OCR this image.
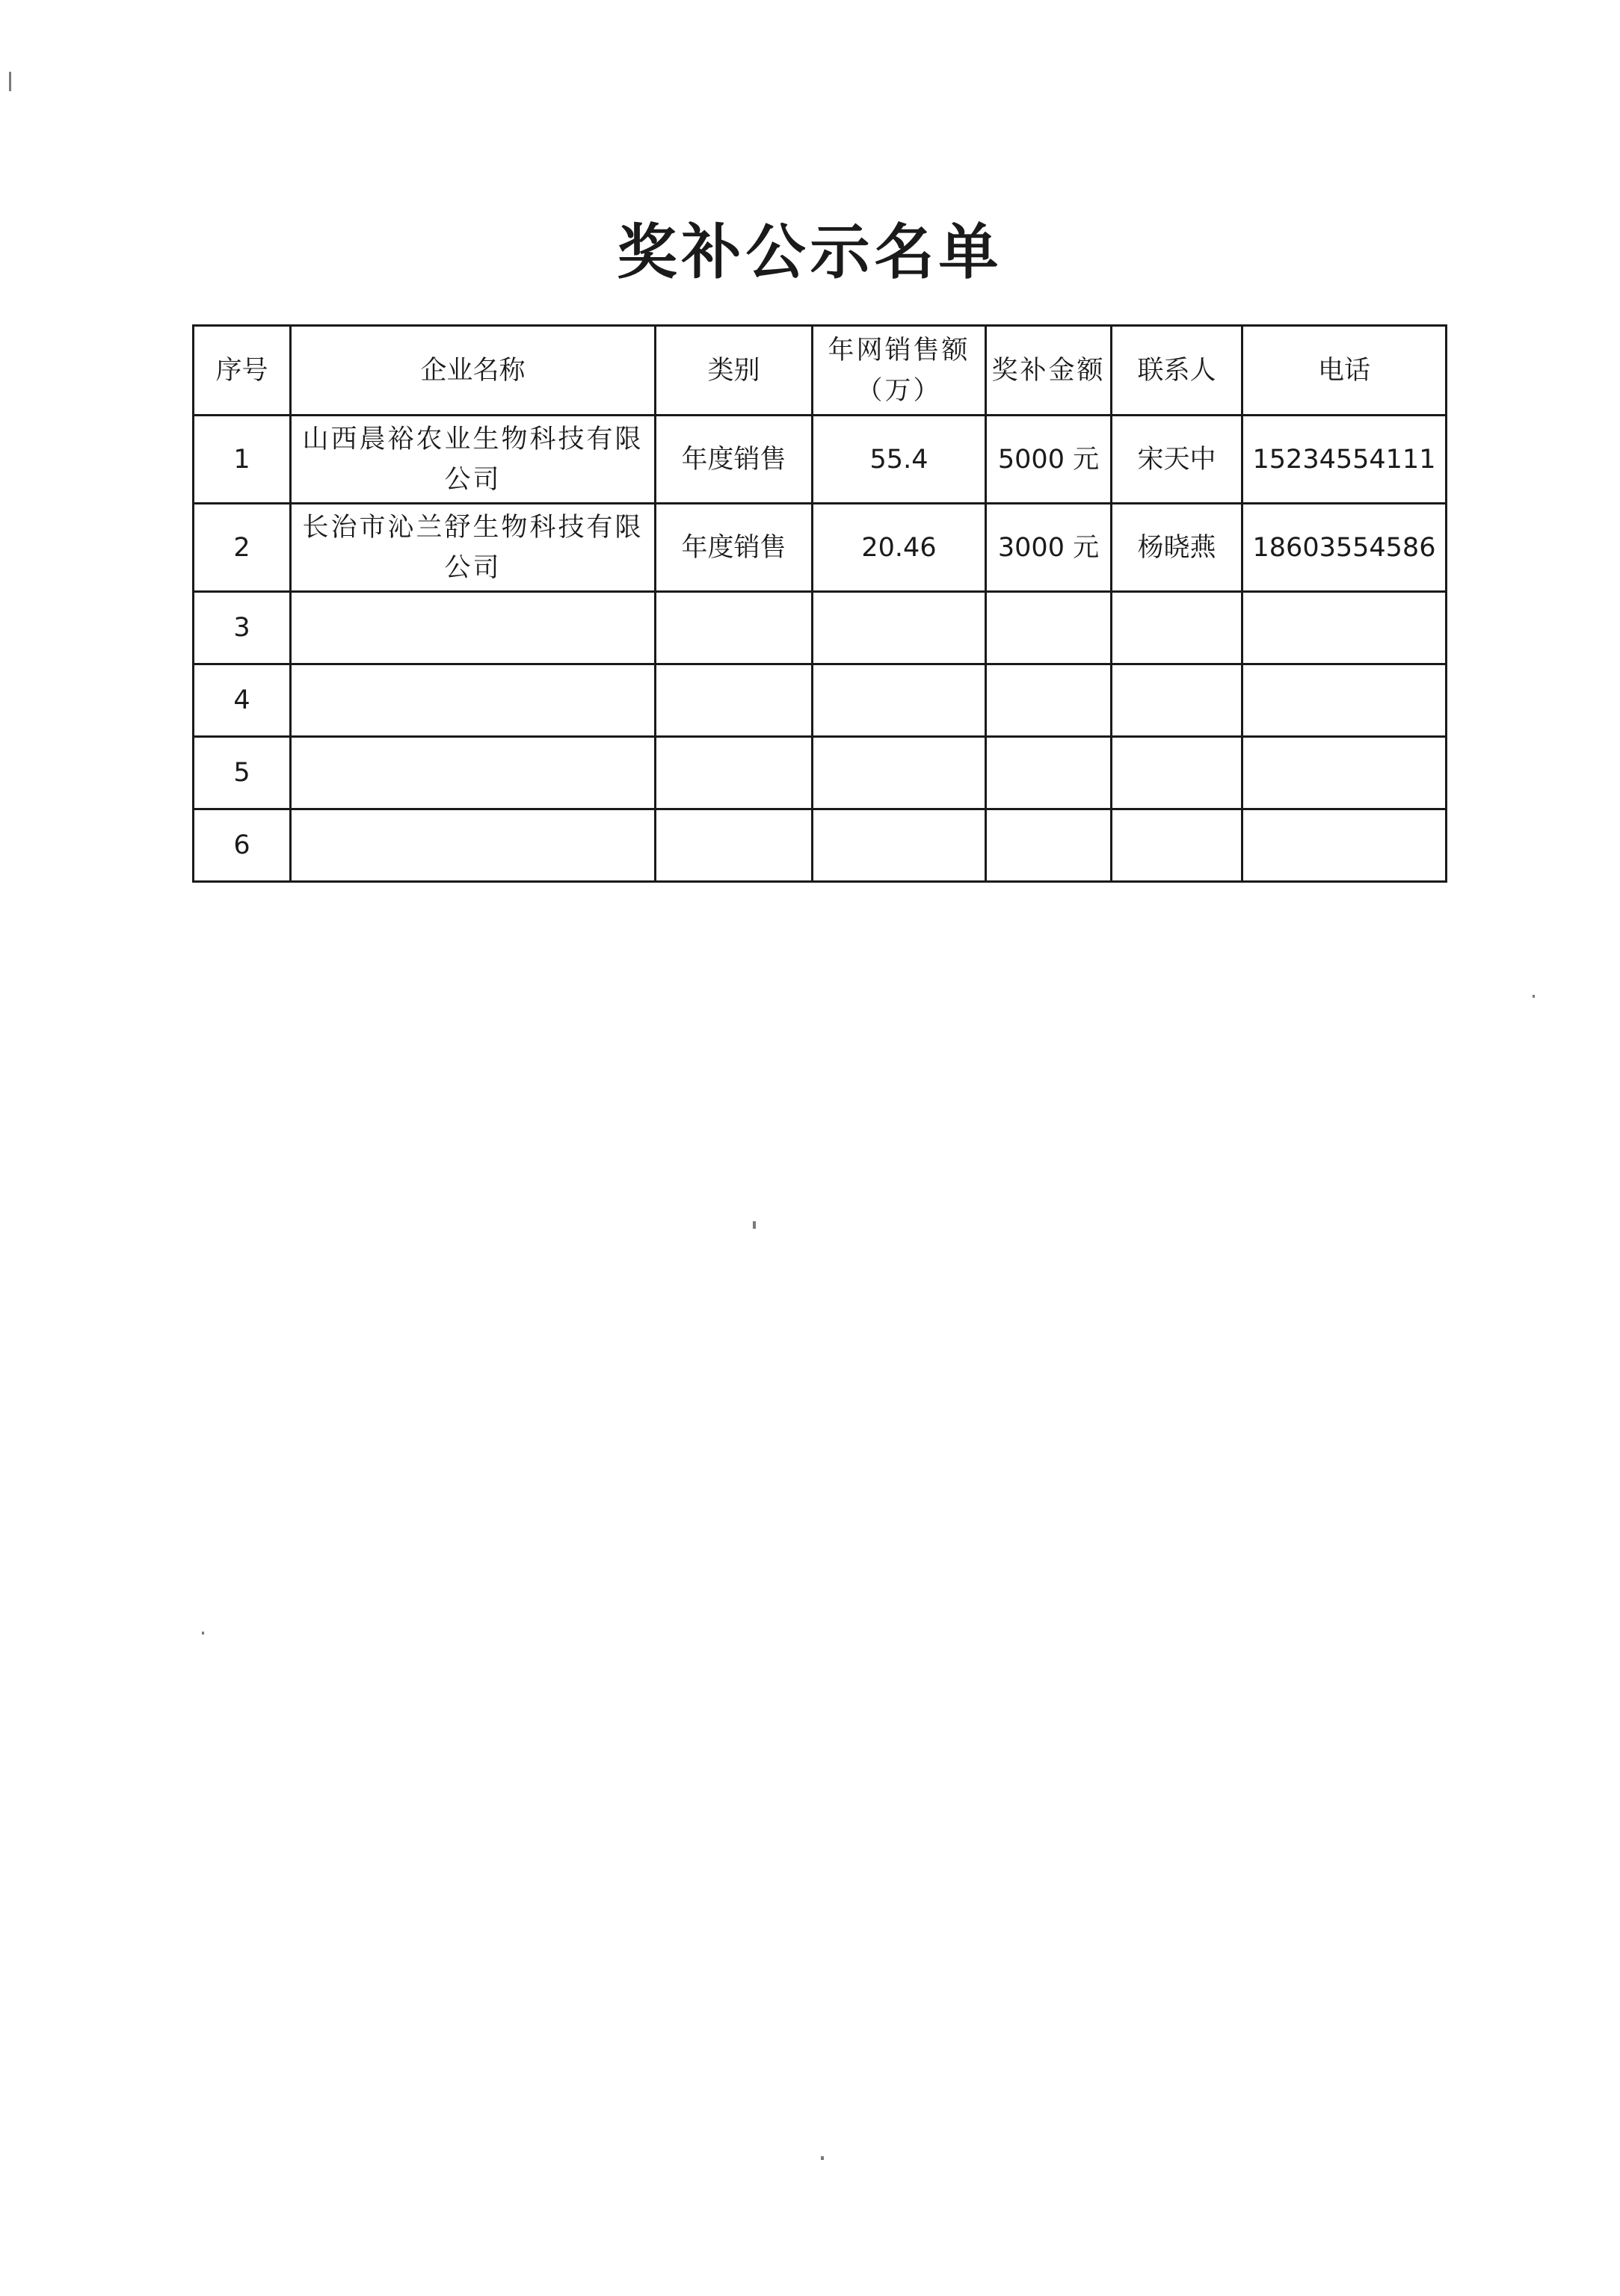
奖补公示名单
序号	企业名称	类别	年网销售额（万）	奖补金额	联系人	电话
1	山西晨裕农业生物科技有限公司	年度销售	55.4	5000 元	宋天中	15234554111
2	长治市沁兰舒生物科技有限公司	年度销售	20.46	3000 元	杨晓燕	18603554586
3						
4						
5						
6						
